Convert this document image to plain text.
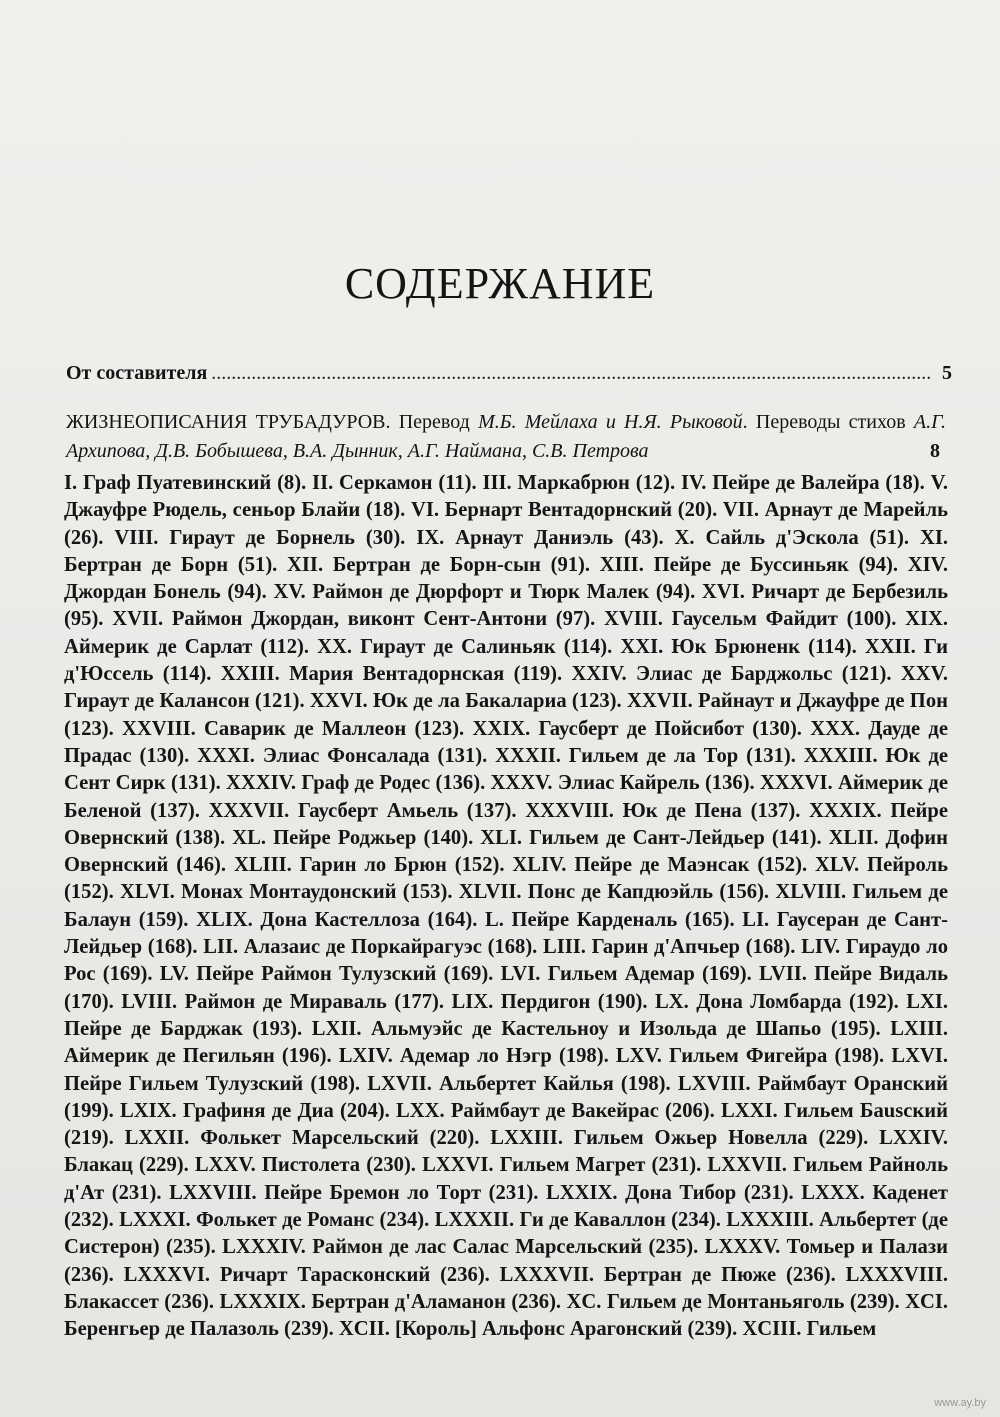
СОДЕРЖАНИЕ
От составителя
.....	5
ЖИЗНЕОПИСАНИЯ ТРУБАДУРОВ. Перевод М.Б. Мейлаха и Н.Я. Рыковой. Переводы стихов А.Г. Архипова, Д.В. Бобышева, В.А. Дынник, А.Г. Наймана, С.В. Петрова	8
I. Граф Пуатевинский (8). II. Серкамон (11). III. Маркабрюн (12). IV. Пейре де Валейра (18). V. Джауфре Рюдель, сеньор Блайи (18). VI. Бернарт Вентадорнский (20). VII. Арнаут де Марейль (26). VIII. Гираут де Борнель (30). IX. Арнаут Даниэль (43). X. Сайль д'Эскола (51). XI. Бертран де Борн (51). XII. Бертран де Борн-сын (91). XIII. Пейре де Буссиньяк (94). XIV. Джордан Бонель (94). XV. Раймон де Дюрфорт и Тюрк Малек (94). XVI. Ричарт де Бербезиль (95). XVII. Раймон Джордан, виконт Сент-Антони (97). XVIII. Гаусельм Файдит (100). XIX. Аймерик де Сарлат (112). XX. Гираут де Салиньяк (114). XXI. Юк Брюненк (114). XXII. Ги д'Юссель (114). XXIII. Мария Вентадорнская (119). XXIV. Элиас де Барджольс (121). XXV. Гираут де Калансон (121). XXVI. Юк де ла Бакалариа (123). XXVII. Райнаут и Джауфре де Пон (123). XXVIII. Саварик де Маллеон (123). XXIX. Гаусберт де Пойсибот (130). XXX. Дауде де Прадас (130). XXXI. Элиас Фонсалада (131). XXXII. Гильем де ла Тор (131). XXXIII. Юк де Сент Сирк (131). XXXIV. Граф де Родес (136). XXXV. Элиас Кайрель (136). XXXVI. Аймерик де Беленой (137). XXXVII. Гаусберт Амьель (137). XXXVIII. Юк де Пена (137). XXXIX. Пейре Овернский (138). XL. Пейре Роджьер (140). XLI. Гильем де Сант-Лейдьер (141). XLII. Дофин Овернский (146). XLIII. Гарин ло Брюн (152). XLIV. Пейре де Маэнсак (152). XLV. Пейроль (152). XLVI. Монах Монтаудонский (153). XLVII. Понс де Капдюэйль (156). XLVIII. Гильем де Балаун (159). XLIX. Дона Кастеллоза (164). L. Пейре Карденаль (165). LI. Гаусеран де Сант-Лейдьер (168). LII. Алазаис де Поркайрагуэс (168). LIII. Гарин д'Апчьер (168). LIV. Гираудо ло Рос (169). LV. Пейре Раймон Тулузский (169). LVI. Гильем Адемар (169). LVII. Пейре Видаль (170). LVIII. Раймон де Мираваль (177). LIX. Пердигон (190). LX. Дона Ломбарда (192). LXI. Пейре де Барджак (193). LXII. Альмуэйс де Кастельноу и Изольда де Шапьо (195). LXIII. Аймерик де Пегильян (196). LXIV. Адемар ло Нэгр (198). LXV. Гильем Фигейра (198). LXVI. Пейре Гильем Тулузский (198). LXVII. Альбертет Кайлья (198). LXVIII. Раймбаут Оранский (199). LXIX. Графиня де Диа (204). LXX. Раймбаут де Вакейрас (206). LXXI. Гильем Бausский (219). LXXII. Фолькет Марсельский (220). LXXIII. Гильем Ожьер Новелла (229). LXXIV. Блакац (229). LXXV. Пистолета (230). LXXVI. Гильем Магрет (231). LXXVII. Гильем Райноль д'Ат (231). LXXVIII. Пейре Бремон ло Торт (231). LXXIX. Дона Тибор (231). LXXX. Каденет (232). LXXXI. Фолькет де Романс (234). LXXXII. Ги де Каваллон (234). LXXXIII. Альбертет (де Систерон) (235). LXXXIV. Раймон де лас Салас Марсельский (235). LXXXV. Томьер и Палази (236). LXXXVI. Ричарт Тарасконский (236). LXXXVII. Бертран де Пюже (236). LXXXVIII. Блакассет (236). LXXXIX. Бертран д'Аламанон (236). XC. Гильем де Монтаньяголь (239). XCI. Беренгьер де Палазоль (239). XCII. [Король] Альфонс Арагонский (239). XCIII. Гильем
www.ay.by
